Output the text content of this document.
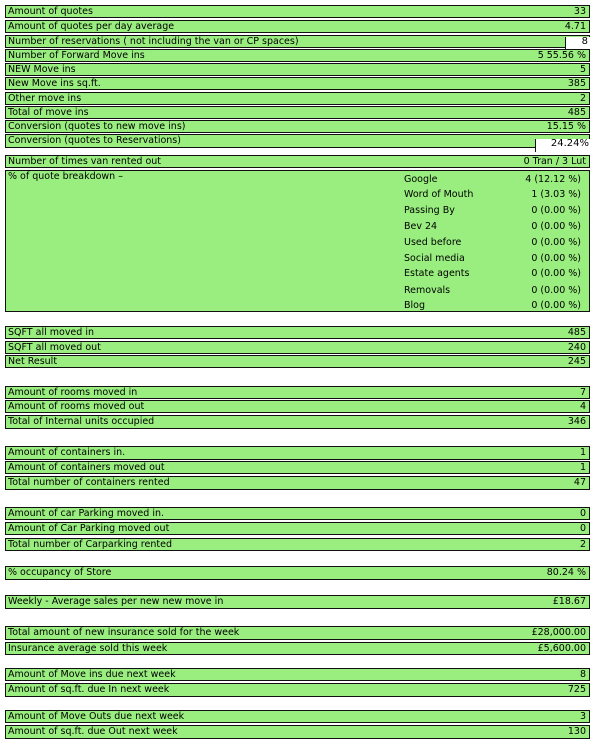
Amount of quotes	33
Amount of quotes per day average	4.71
Number of reservations ( not including the van or CP spaces)	8
Number of Forward Move ins	5 55.56 %
NEW Move ins	5
New Move ins sq.ft.	385
Other move ins	2
Total of move ins	485
Conversion (quotes to new move ins)	15.15 %
Conversion (quotes to Reservations)	24.24%
Number of times van rented out	0 Tran / 3 Lut
% of quote breakdown –
SQFT all moved in	485
SQFT all moved out	240
Net Result	245
Amount of rooms moved in	7
Amount of rooms moved out	4
Total of Internal units occupied	346
Amount of containers in.	1
Amount of containers moved out	1
Total number of containers rented	47
Amount of car Parking moved in.	0
Amount of Car Parking moved out	0
Total number of Carparking rented	2
% occupancy of Store	80.24 %
Weekly - Average sales per new new move in	£18.67
Total amount of new insurance sold for the week	£28,000.00
Insurance average sold this week	£5,600.00
Amount of Move ins due next week	8
Amount of sq.ft. due In next week	725
Amount of Move Outs due next week	3
Amount of sq.ft. due Out next week	130
Google	4 (12.12 %)
Word of Mouth	1 (3.03 %)
Passing By	0 (0.00 %)
Bev 24	0 (0.00 %)
Used before	0 (0.00 %)
Social media	0 (0.00 %)
Estate agents	0 (0.00 %)
Removals	0 (0.00 %)
Blog	0 (0.00 %)
